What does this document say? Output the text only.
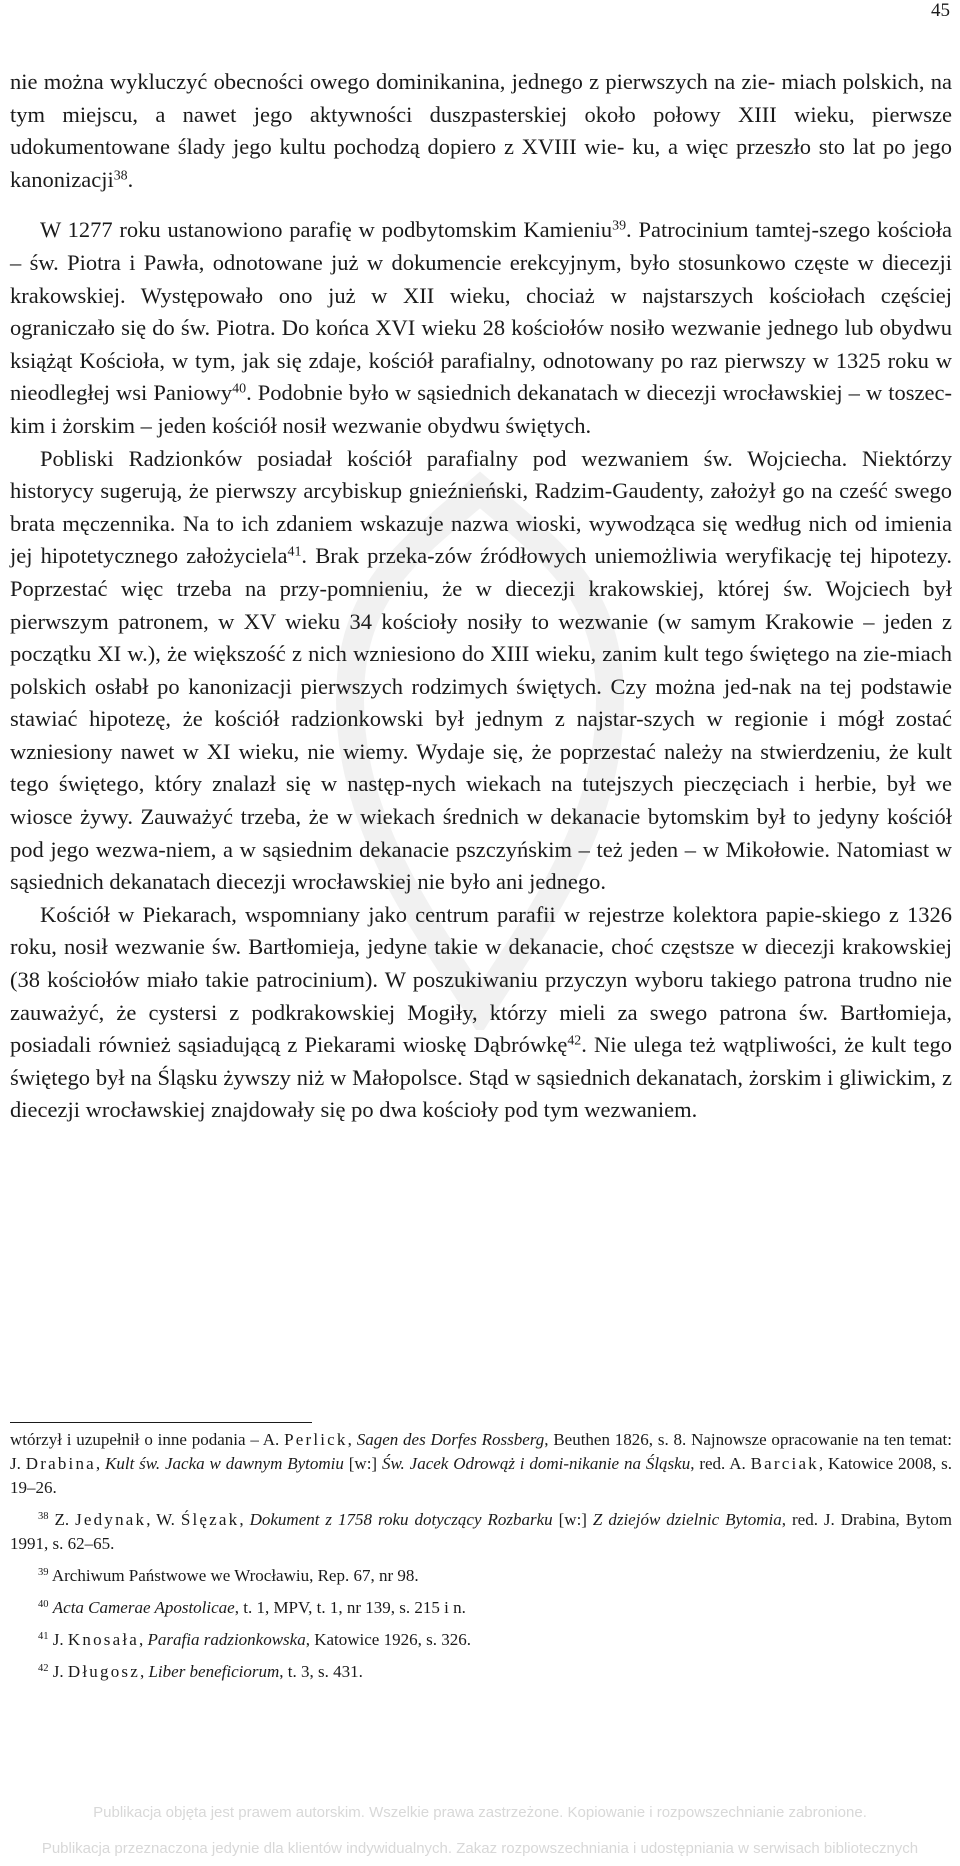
45

nie można wykluczyć obecności owego dominikanina, jednego z pierwszych na zie- miach polskich, na tym miejscu, a nawet jego aktywności duszpasterskiej około połowy XIII wieku, pierwsze udokumentowane ślady jego kultu pochodzą dopiero z XVIII wie- ku, a więc przeszło sto lat po jego kanonizacji$^{38}$.

W 1277 roku ustanowiono parafię w podbytomskim Kamieniu$^{39}$. Patrocinium tamtej-szego kościoła – św. Piotra i Pawła, odnotowane już w dokumencie erekcyjnym, było stosunkowo częste w diecezji krakowskiej. Występowało ono już w XII wieku, chociaż w najstarszych kościołach częściej ograniczało się do św. Piotra. Do końca XVI wieku 28 kościołów nosiło wezwanie jednego lub obydwu książąt Kościoła, w tym, jak się zdaje, kościół parafialny, odnotowany po raz pierwszy w 1325 roku w nieodległej wsi Paniowy$^{40}$. Podobnie było w sąsiednich dekanatach w diecezji wrocławskiej – w toszec-kim i żorskim – jeden kościół nosił wezwanie obydwu świętych.

Pobliski Radzionków posiadał kościół parafialny pod wezwaniem św. Wojciecha. Niektórzy historycy sugerują, że pierwszy arcybiskup gnieźnieński, Radzim-Gaudenty, założył go na cześć swego brata męczennika. Na to ich zdaniem wskazuje nazwa wioski, wywodząca się według nich od imienia jej hipotetycznego założyciela$^{41}$. Brak przeka-zów źródłowych uniemożliwia weryfikację tej hipotezy. Poprzestać więc trzeba na przy-pomnieniu, że w diecezji krakowskiej, której św. Wojciech był pierwszym patronem, w XV wieku 34 kościoły nosiły to wezwanie (w samym Krakowie – jeden z początku XI w.), że większość z nich wzniesiono do XIII wieku, zanim kult tego świętego na zie-miach polskich osłabł po kanonizacji pierwszych rodzimych świętych. Czy można jed-nak na tej podstawie stawiać hipotezę, że kościół radzionkowski był jednym z najstar-szych w regionie i mógł zostać wzniesiony nawet w XI wieku, nie wiemy. Wydaje się, że poprzestać należy na stwierdzeniu, że kult tego świętego, który znalazł się w następ-nych wiekach na tutejszych pieczęciach i herbie, był we wiosce żywy. Zauważyć trzeba, że w wiekach średnich w dekanacie bytomskim był to jedyny kościół pod jego wezwa-niem, a w sąsiednim dekanacie pszczyńskim – też jeden – w Mikołowie. Natomiast w sąsiednich dekanatach diecezji wrocławskiej nie było ani jednego.

Kościół w Piekarach, wspomniany jako centrum parafii w rejestrze kolektora papie-skiego z 1326 roku, nosił wezwanie św. Bartłomieja, jedyne takie w dekanacie, choć częstsze w diecezji krakowskiej (38 kościołów miało takie patrocinium). W poszukiwaniu przyczyn wyboru takiego patrona trudno nie zauważyć, że cystersi z podkrakowskiej Mogiły, którzy mieli za swego patrona św. Bartłomieja, posiadali również sąsiadującą z Piekarami wioskę Dąbrówkę$^{42}$. Nie ulega też wątpliwości, że kult tego świętego był na Śląsku żywszy niż w Małopolsce. Stąd w sąsiednich dekanatach, żorskim i gliwickim, z diecezji wrocławskiej znajdowały się po dwa kościoły pod tym wezwaniem.

wtórzył i uzupełnił o inne podania – A. Perlick, Sagen des Dorfes Rossberg, Beuthen 1826, s. 8. Najnowsze opracowanie na ten temat: J. Drabina, Kult św. Jacka w dawnym Bytomiu [w:] Św. Jacek Odrowąż i domi-nikanie na Śląsku, red. A. Barciak, Katowice 2008, s. 19–26.

$^{38}$ Z. Jedynak, W. Ślęzak, Dokument z 1758 roku dotyczący Rozbarku [w:] Z dziejów dzielnic Bytomia, red. J. Drabina, Bytom 1991, s. 62–65.

$^{39}$ Archiwum Państwowe we Wrocławiu, Rep. 67, nr 98.

$^{40}$ Acta Camerae Apostolicae, t. 1, MPV, t. 1, nr 139, s. 215 i n.

$^{41}$ J. Knosała, Parafia radzionkowska, Katowice 1926, s. 326.

$^{42}$ J. Długosz, Liber beneficiorum, t. 3, s. 431.

Publikacja objęta jest prawem autorskim. Wszelkie prawa zastrzeżone. Kopiowanie i rozpowszechnianie zabronione.
Publikacja przeznaczona jedynie dla klientów indywidualnych. Zakaz rozpowszechniania i udostępniania w serwisach bibliotecznych
